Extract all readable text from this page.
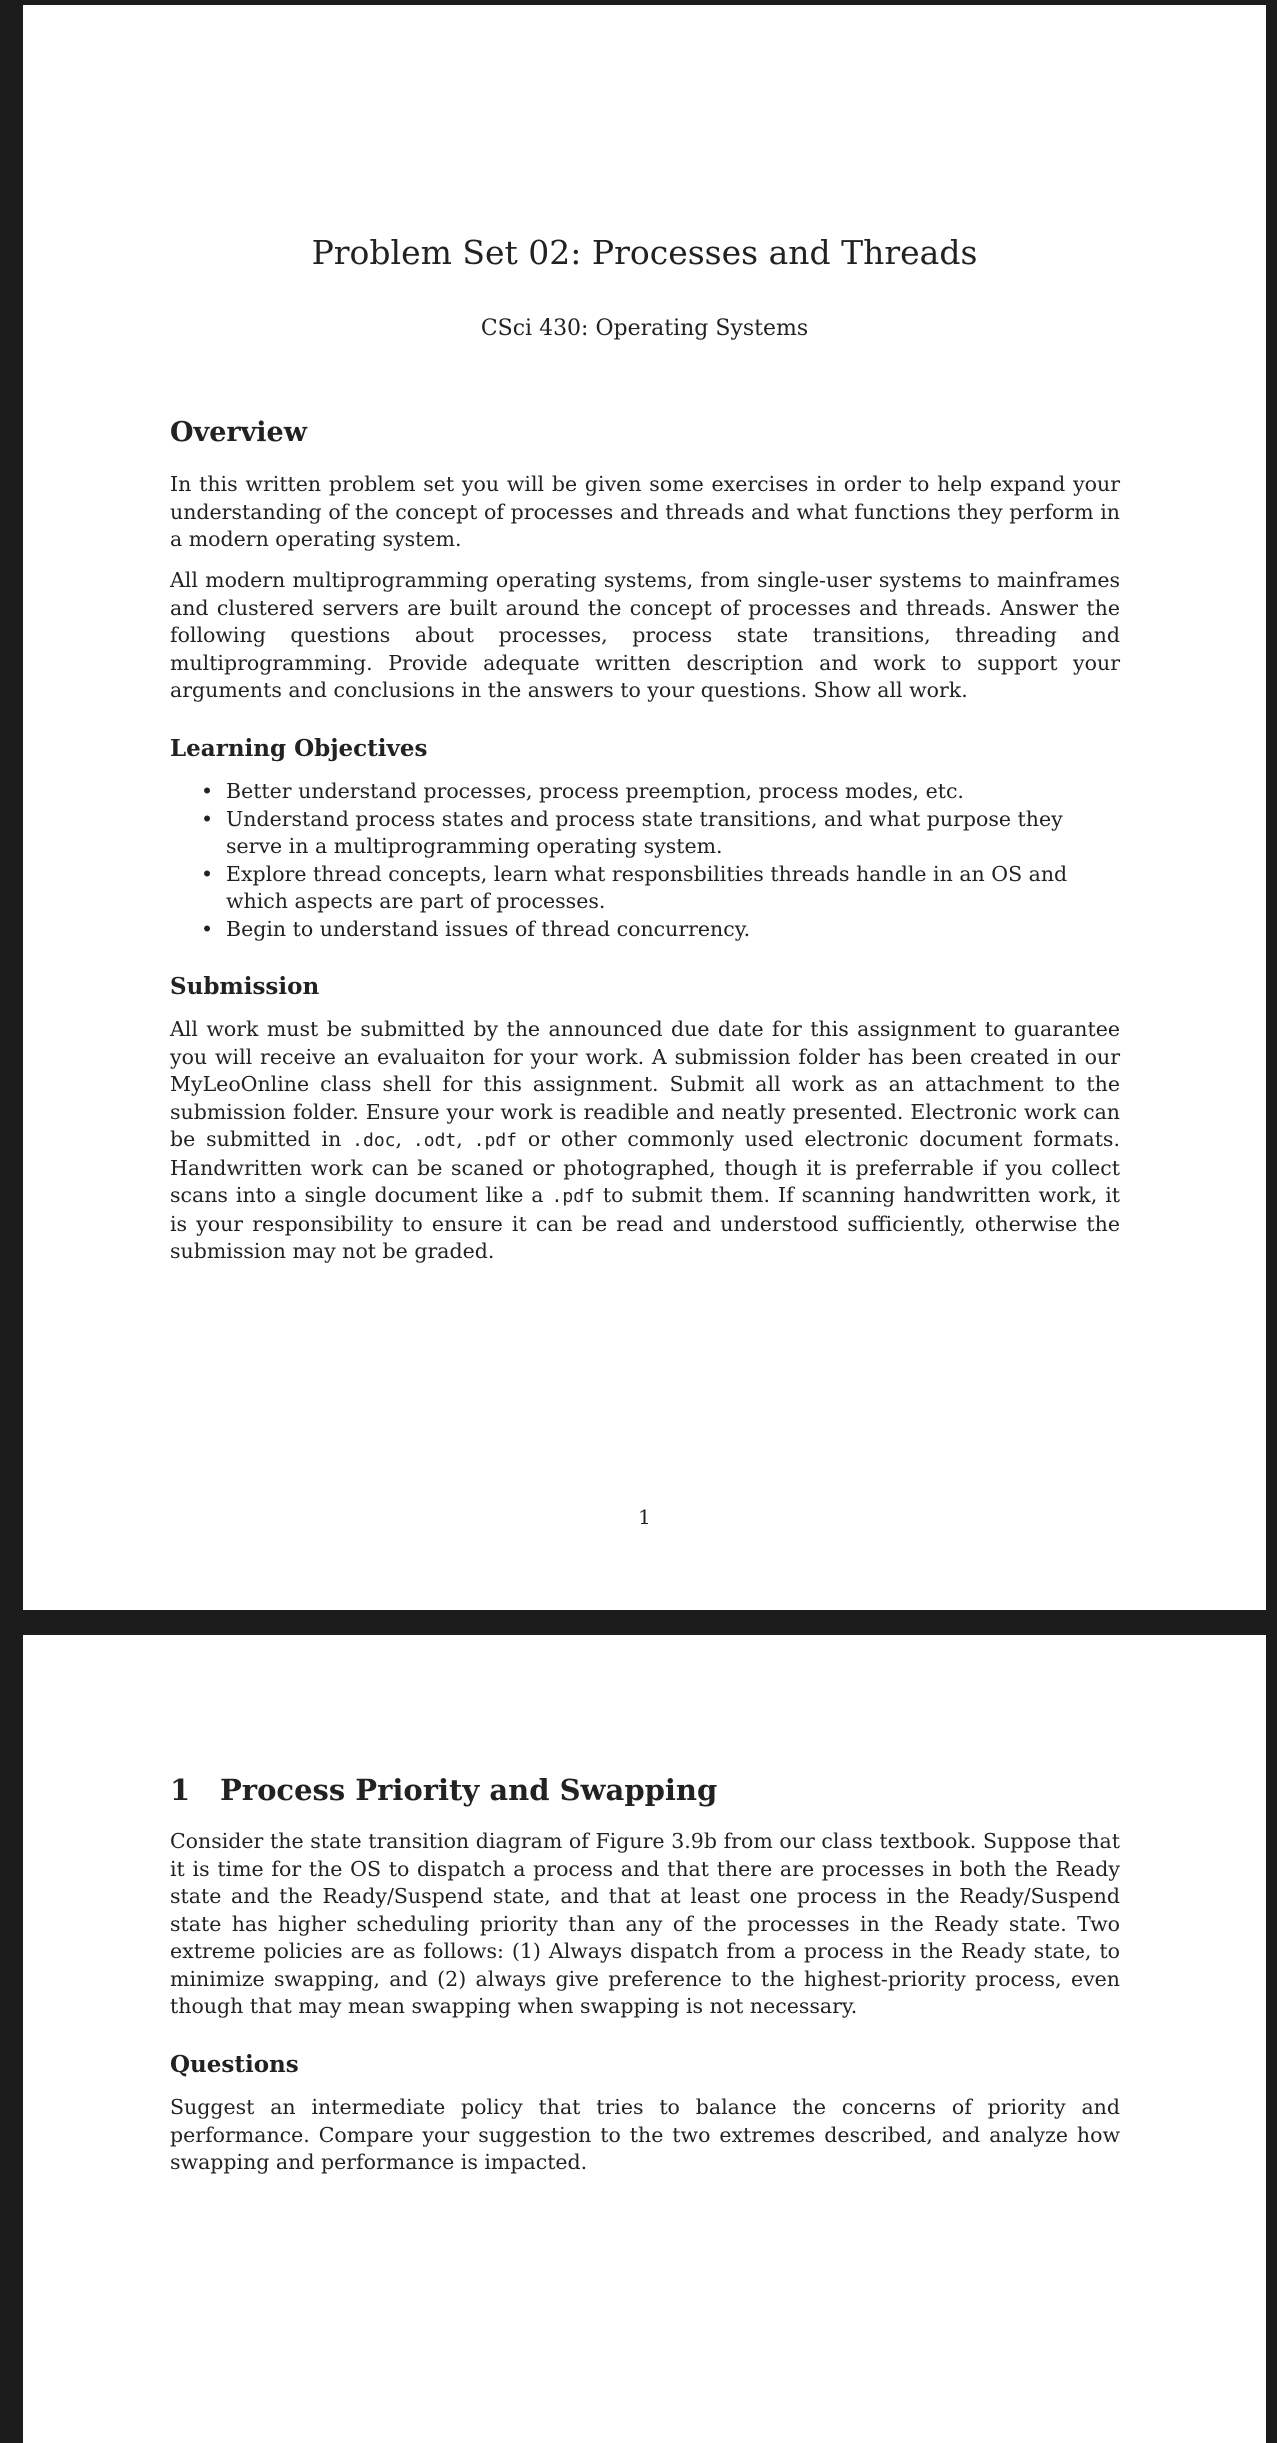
Problem Set 02: Processes and Threads

CSci 430: Operating Systems

Overview

In this written problem set you will be given some exercises in order to help expand your understanding of the concept of processes and threads and what functions they perform in a modern operating system.

All modern multiprogramming operating systems, from single-user systems to mainframes and clustered servers are built around the concept of processes and threads. Answer the following questions about processes, process state transitions, threading and multiprogramming. Provide adequate written description and work to support your arguments and conclusions in the answers to your questions. Show all work.

Learning Objectives
• Better understand processes, process preemption, process modes, etc.
• Understand process states and process state transitions, and what purpose they serve in a multiprogramming operating system.
• Explore thread concepts, learn what responsbilities threads handle in an OS and which aspects are part of processes.
• Begin to understand issues of thread concurrency.
Submission

All work must be submitted by the announced due date for this assignment to guarantee you will receive an evaluaiton for your work. A submission folder has been created in our MyLeoOnline class shell for this assignment. Submit all work as an attachment to the submission folder. Ensure your work is readible and neatly presented. Electronic work can be submitted in .doc, .odt, .pdf or other commonly used electronic document formats. Handwritten work can be scaned or photographed, though it is preferrable if you collect scans into a single document like a .pdf to submit them. If scanning handwritten work, it is your responsibility to ensure it can be read and understood sufficiently, otherwise the submission may not be graded.

1

1 Process Priority and Swapping

Consider the state transition diagram of Figure 3.9b from our class textbook. Suppose that it is time for the OS to dispatch a process and that there are processes in both the Ready state and the Ready/Suspend state, and that at least one process in the Ready/Suspend state has higher scheduling priority than any of the processes in the Ready state. Two extreme policies are as follows: (1) Always dispatch from a process in the Ready state, to minimize swapping, and (2) always give preference to the highest-priority process, even though that may mean swapping when swapping is not necessary.

Questions

Suggest an intermediate policy that tries to balance the concerns of priority and performance. Compare your suggestion to the two extremes described, and analyze how swapping and performance is impacted.
